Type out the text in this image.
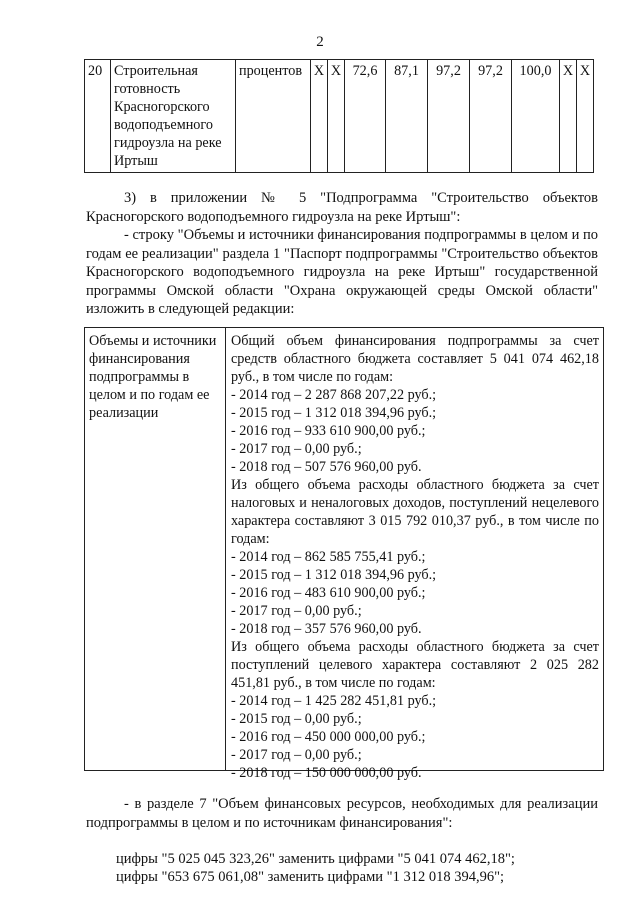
2
20	Строительная готовность Красногорского водоподъемного гидроузла на реке Иртыш	процентов	Х	Х	72,6	87,1	97,2	97,2	100,0	Х	Х
3) в приложении № 5 "Подпрограмма "Строительство объектов Красногорского водоподъемного гидроузла на реке Иртыш":
- строку "Объемы и источники финансирования подпрограммы в целом и по годам ее реализации" раздела 1 "Паспорт подпрограммы "Строительство объектов Красногорского водоподъемного гидроузла на реке Иртыш" государственной программы Омской области "Охрана окружающей среды Омской области" изложить в следующей редакции:
Объемы и источники финансирования подпрограммы в целом и по годам ее реализации
Общий объем финансирования подпрограммы за счет средств областного бюджета составляет 5 041 074 462,18 руб., в том числе по годам:
- 2014 год – 2 287 868 207,22 руб.;
- 2015 год – 1 312 018 394,96 руб.;
- 2016 год – 933 610 900,00 руб.;
- 2017 год – 0,00 руб.;
- 2018 год – 507 576 960,00 руб.
Из общего объема расходы областного бюджета за счет налоговых и неналоговых доходов, поступлений нецелевого характера составляют 3 015 792 010,37 руб., в том числе по годам:
- 2014 год – 862 585 755,41 руб.;
- 2015 год – 1 312 018 394,96 руб.;
- 2016 год – 483 610 900,00 руб.;
- 2017 год – 0,00 руб.;
- 2018 год – 357 576 960,00 руб.
Из общего объема расходы областного бюджета за счет поступлений целевого характера составляют 2 025 282 451,81 руб., в том числе по годам:
- 2014 год – 1 425 282 451,81 руб.;
- 2015 год – 0,00 руб.;
- 2016 год – 450 000 000,00 руб.;
- 2017 год – 0,00 руб.;
- 2018 год – 150 000 000,00 руб.
- в разделе 7 "Объем финансовых ресурсов, необходимых для реализации подпрограммы в целом и по источникам финансирования":
цифры "5 025 045 323,26" заменить цифрами "5 041 074 462,18";
цифры "653 675 061,08" заменить цифрами "1 312 018 394,96";
